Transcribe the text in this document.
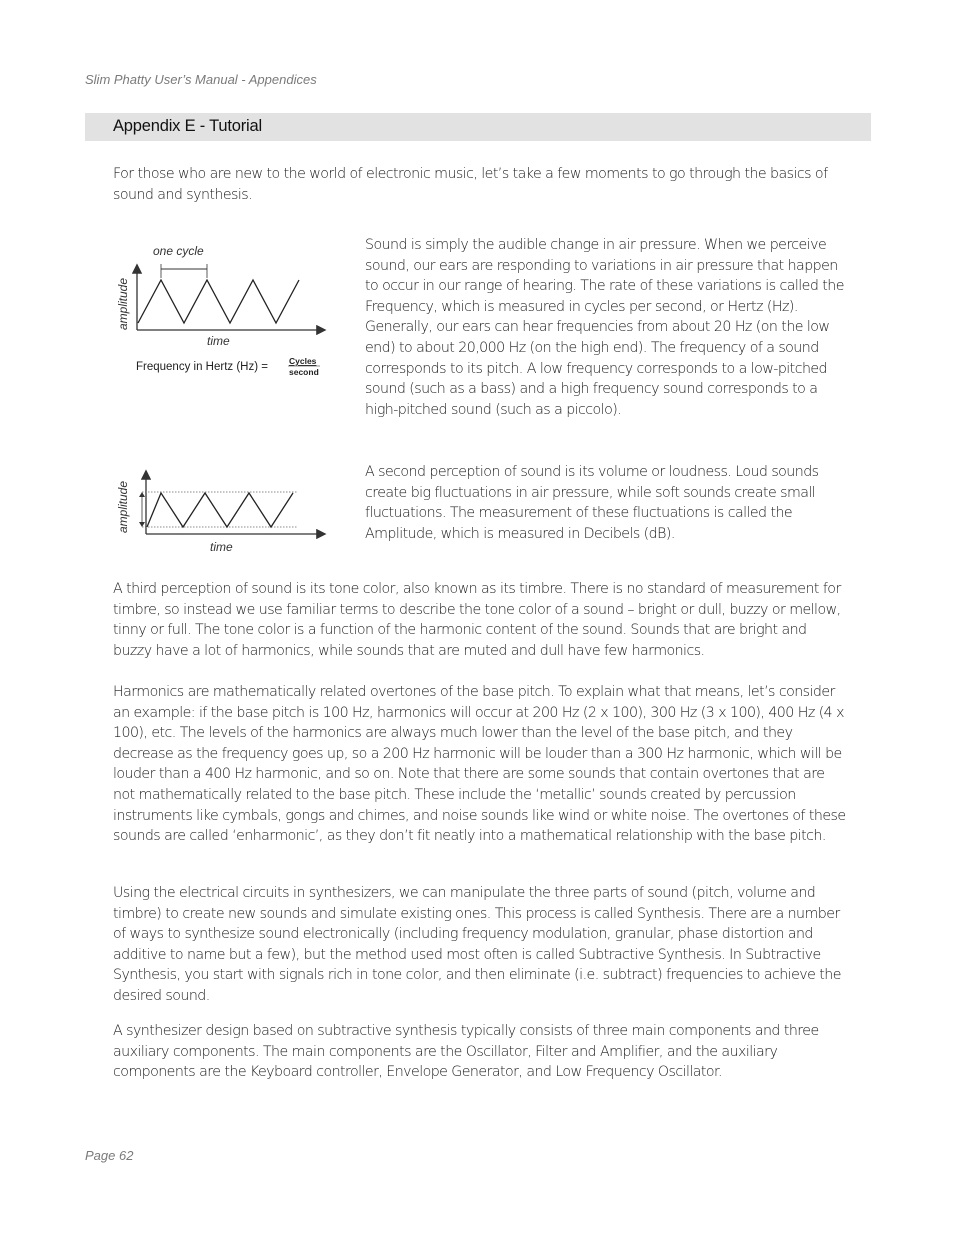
Slim Phatty User’s Manual - Appendices
Appendix E - Tutorial
For those who are new to the world of electronic music, let’s take a few moments to go through the basics of sound and synthesis.
one cycle
amplitude
time
Frequency in Hertz (Hz) = Cycles
second
Sound is simply the audible change in air pressure. When we perceive sound, our ears are responding to variations in air pressure that happen to occur in our range of hearing. The rate of these variations is called the Frequency, which is measured in cycles per second, or Hertz (Hz). Generally, our ears can hear frequencies from about 20 Hz (on the low end) to about 20,000 Hz (on the high end). The frequency of a sound corresponds to its pitch. A low frequency corresponds to a low-pitched sound (such as a bass) and a high frequency sound corresponds to a high-pitched sound (such as a piccolo).
amplitude
time
A second perception of sound is its volume or loudness. Loud sounds create big fluctuations in air pressure, while soft sounds create small fluctuations. The measurement of these fluctuations is called the Amplitude, which is measured in Decibels (dB).
A third perception of sound is its tone color, also known as its timbre. There is no standard of measurement for timbre, so instead we use familiar terms to describe the tone color of a sound – bright or dull, buzzy or mellow, tinny or full. The tone color is a function of the harmonic content of the sound. Sounds that are bright and buzzy have a lot of harmonics, while sounds that are muted and dull have few harmonics.
Harmonics are mathematically related overtones of the base pitch. To explain what that means, let’s consider an example: if the base pitch is 100 Hz, harmonics will occur at 200 Hz (2 x 100), 300 Hz (3 x 100), 400 Hz (4 x 100), etc. The levels of the harmonics are always much lower than the level of the base pitch, and they decrease as the frequency goes up, so a 200 Hz harmonic will be louder than a 300 Hz harmonic, which will be louder than a 400 Hz harmonic, and so on. Note that there are some sounds that contain overtones that are not mathematically related to the base pitch. These include the ‘metallic’ sounds created by percussion instruments like cymbals, gongs and chimes, and noise sounds like wind or white noise. The overtones of these sounds are called ‘enharmonic’, as they don’t fit neatly into a mathematical relationship with the base pitch.
Using the electrical circuits in synthesizers, we can manipulate the three parts of sound (pitch, volume and timbre) to create new sounds and simulate existing ones. This process is called Synthesis. There are a number of ways to synthesize sound electronically (including frequency modulation, granular, phase distortion and additive to name but a few), but the method used most often is called Subtractive Synthesis. In Subtractive Synthesis, you start with signals rich in tone color, and then eliminate (i.e. subtract) frequencies to achieve the desired sound.
A synthesizer design based on subtractive synthesis typically consists of three main components and three auxiliary components. The main components are the Oscillator, Filter and Amplifier, and the auxiliary components are the Keyboard controller, Envelope Generator, and Low Frequency Oscillator.
Page 62
